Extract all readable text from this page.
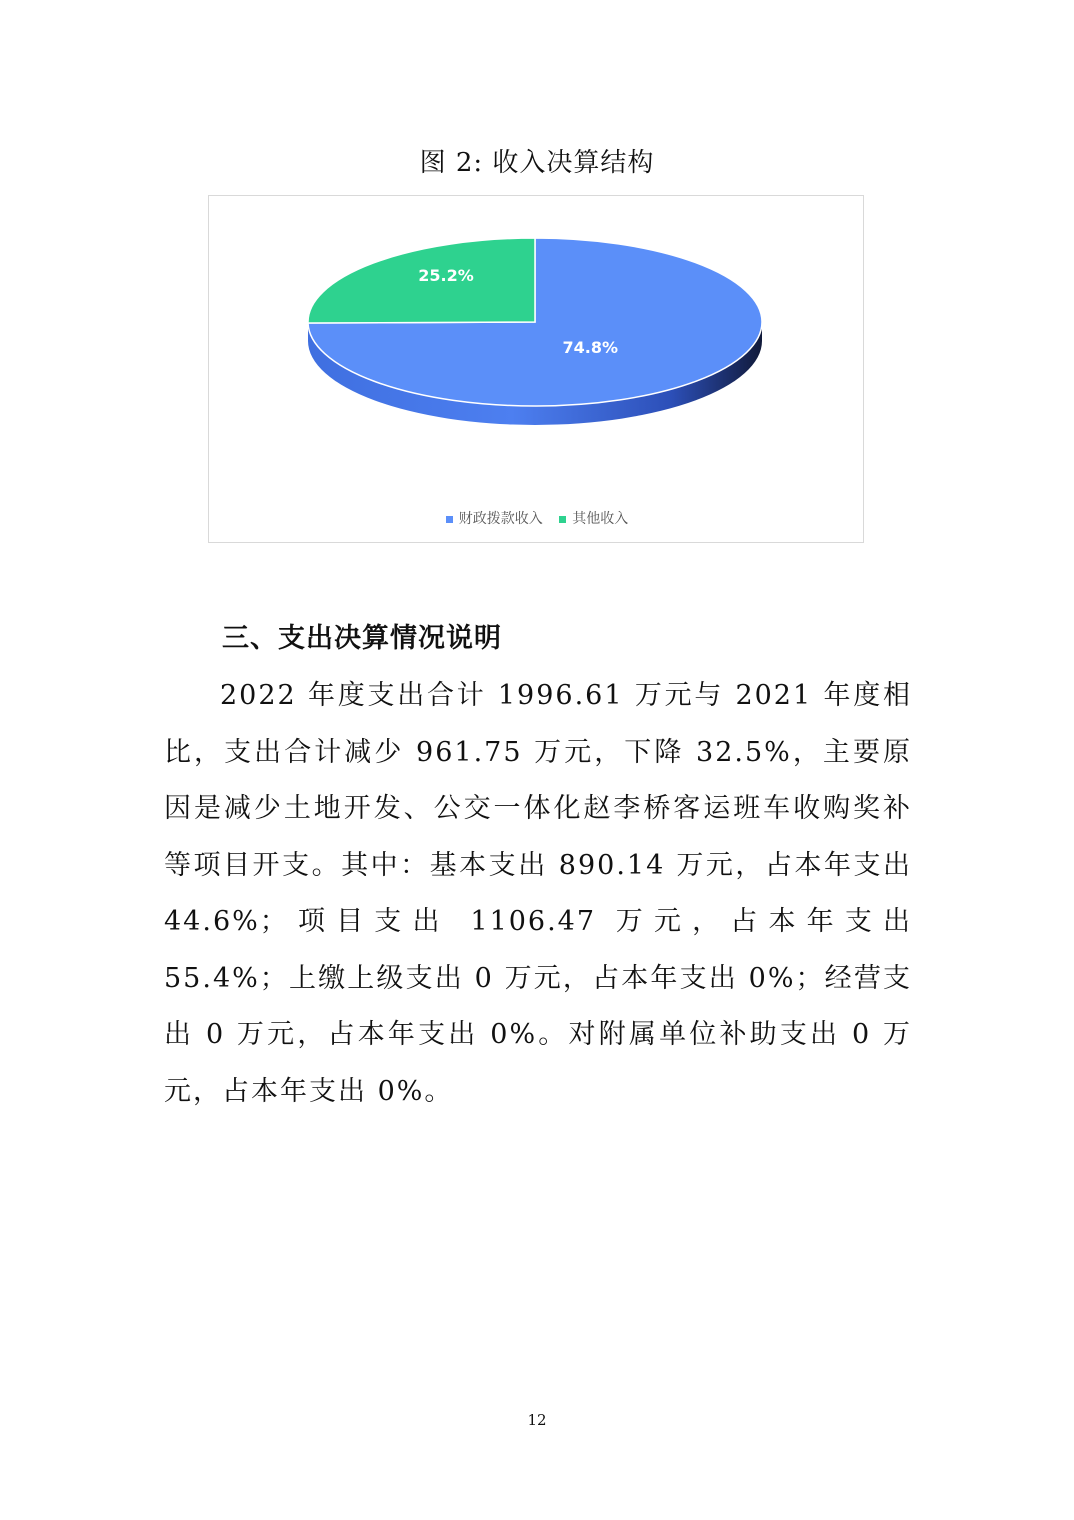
图 2: 收入决算结构
74.8%
25.2%
财政拨款收入 其他收入
三、支出决算情况说明

2022 年度支出合计 1996.61 万元与 2021 年度相比，支出合计减少 961.75 万元，下降 32.5%，主要原因是减少土地开发、公交一体化赵李桥客运班车收购奖补等项目开支。其中：基本支出 890.14 万元，占本年支出 44.6%；项目支出 1106.47 万元，占本年支出 55.4%；上缴上级支出 0 万元，占本年支出 0%；经营支出 0 万元，占本年支出 0%。对附属单位补助支出 0 万元，占本年支出 0%。

12
